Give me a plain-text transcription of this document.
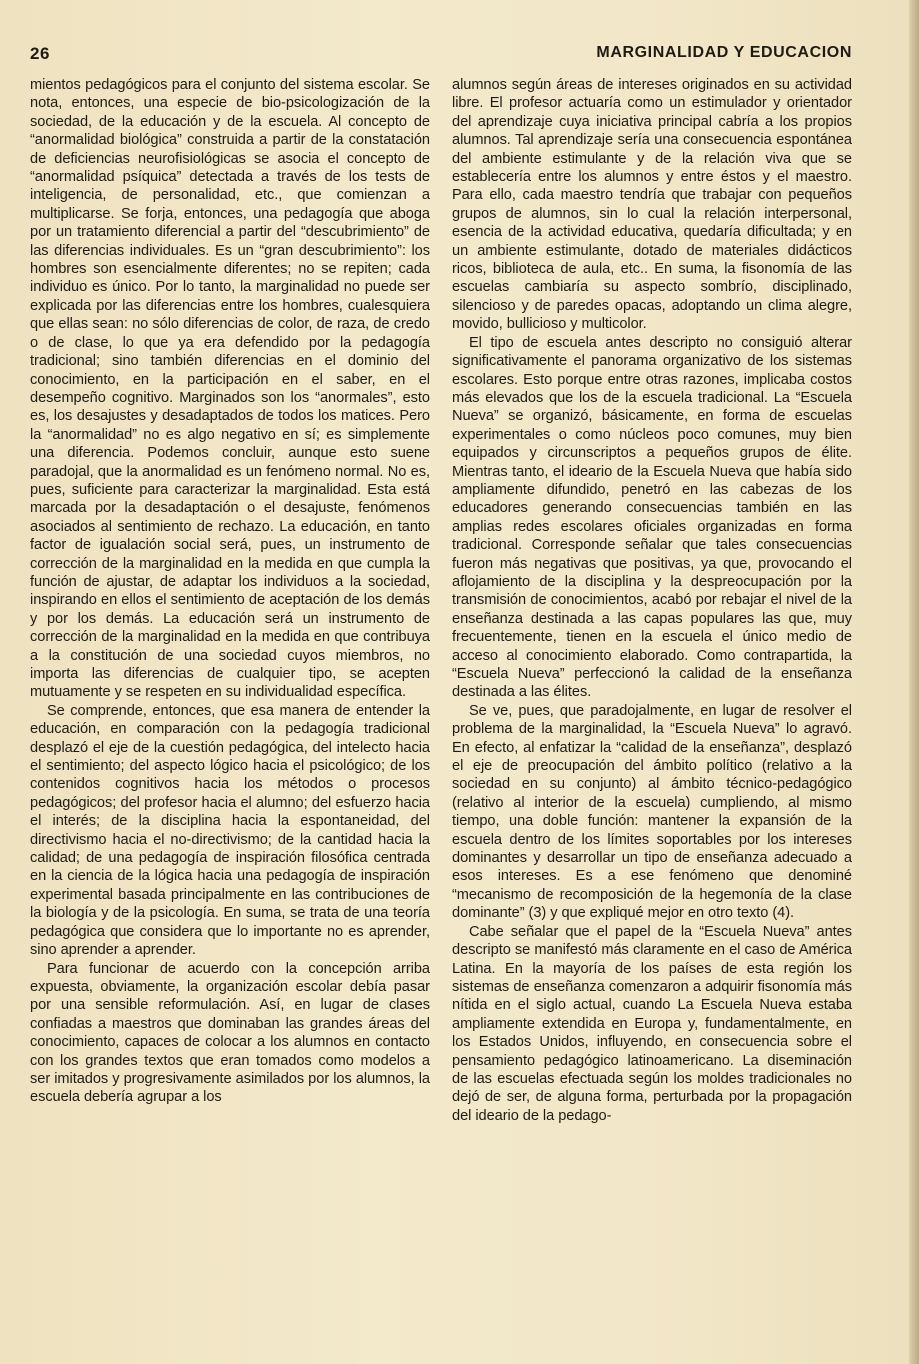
26	MARGINALIDAD Y EDUCACION

mientos pedagógicos para el conjunto del sistema escolar. Se nota, entonces, una especie de bio-psicologización de la sociedad, de la educación y de la escuela. Al concepto de “anormalidad biológica” construida a partir de la constatación de deficiencias neurofisiológicas se asocia el concepto de “anormalidad psíquica” detectada a través de los tests de inteligencia, de personalidad, etc., que comienzan a multiplicarse. Se forja, entonces, una pedagogía que aboga por un tratamiento diferencial a partir del “descubrimiento” de las diferencias individuales. Es un “gran descubrimiento”: los hombres son esencialmente diferentes; no se repiten; cada individuo es único. Por lo tanto, la marginalidad no puede ser explicada por las diferencias entre los hombres, cualesquiera que ellas sean: no sólo diferencias de color, de raza, de credo o de clase, lo que ya era defendido por la pedagogía tradicional; sino también diferencias en el dominio del conocimiento, en la participación en el saber, en el desempeño cognitivo. Marginados son los “anormales”, esto es, los desajustes y desadaptados de todos los matices. Pero la “anormalidad” no es algo negativo en sí; es simplemente una diferencia. Podemos concluir, aunque esto suene paradojal, que la anormalidad es un fenómeno normal. No es, pues, suficiente para caracterizar la marginalidad. Esta está marcada por la desadaptación o el desajuste, fenómenos asociados al sentimiento de rechazo. La educación, en tanto factor de igualación social será, pues, un instrumento de corrección de la marginalidad en la medida en que cumpla la función de ajustar, de adaptar los individuos a la sociedad, inspirando en ellos el sentimiento de aceptación de los demás y por los demás. La educación será un instrumento de corrección de la marginalidad en la medida en que contribuya a la constitución de una sociedad cuyos miembros, no importa las diferencias de cualquier tipo, se acepten mutuamente y se respeten en su individualidad específica.

Se comprende, entonces, que esa manera de entender la educación, en comparación con la pedagogía tradicional desplazó el eje de la cuestión pedagógica, del intelecto hacia el sentimiento; del aspecto lógico hacia el psicológico; de los contenidos cognitivos hacia los métodos o procesos pedagógicos; del profesor hacia el alumno; del esfuerzo hacia el interés; de la disciplina hacia la espontaneidad, del directivismo hacia el no-directivismo; de la cantidad hacia la calidad; de una pedagogía de inspiración filosófica centrada en la ciencia de la lógica hacia una pedagogía de inspiración experimental basada principalmente en las contribuciones de la biología y de la psicología. En suma, se trata de una teoría pedagógica que considera que lo importante no es aprender, sino aprender a aprender.

Para funcionar de acuerdo con la concepción arriba expuesta, obviamente, la organización escolar debía pasar por una sensible reformulación. Así, en lugar de clases confiadas a maestros que dominaban las grandes áreas del conocimiento, capaces de colocar a los alumnos en contacto con los grandes textos que eran tomados como modelos a ser imitados y progresivamente asimilados por los alumnos, la escuela debería agrupar a los

alumnos según áreas de intereses originados en su actividad libre. El profesor actuaría como un estimulador y orientador del aprendizaje cuya iniciativa principal cabría a los propios alumnos. Tal aprendizaje sería una consecuencia espontánea del ambiente estimulante y de la relación viva que se establecería entre los alumnos y entre éstos y el maestro. Para ello, cada maestro tendría que trabajar con pequeños grupos de alumnos, sin lo cual la relación interpersonal, esencia de la actividad educativa, quedaría dificultada; y en un ambiente estimulante, dotado de materiales didácticos ricos, biblioteca de aula, etc.. En suma, la fisonomía de las escuelas cambiaría su aspecto sombrío, disciplinado, silencioso y de paredes opacas, adoptando un clima alegre, movido, bullicioso y multicolor.

El tipo de escuela antes descripto no consiguió alterar significativamente el panorama organizativo de los sistemas escolares. Esto porque entre otras razones, implicaba costos más elevados que los de la escuela tradicional. La “Escuela Nueva” se organizó, básicamente, en forma de escuelas experimentales o como núcleos poco comunes, muy bien equipados y circunscriptos a pequeños grupos de élite. Mientras tanto, el ideario de la Escuela Nueva que había sido ampliamente difundido, penetró en las cabezas de los educadores generando consecuencias también en las amplias redes escolares oficiales organizadas en forma tradicional. Corresponde señalar que tales consecuencias fueron más negativas que positivas, ya que, provocando el aflojamiento de la disciplina y la despreocupación por la transmisión de conocimientos, acabó por rebajar el nivel de la enseñanza destinada a las capas populares las que, muy frecuentemente, tienen en la escuela el único medio de acceso al conocimiento elaborado. Como contrapartida, la “Escuela Nueva” perfeccionó la calidad de la enseñanza destinada a las élites.

Se ve, pues, que paradojalmente, en lugar de resolver el problema de la marginalidad, la “Escuela Nueva” lo agravó. En efecto, al enfatizar la “calidad de la enseñanza”, desplazó el eje de preocupación del ámbito político (relativo a la sociedad en su conjunto) al ámbito técnico-pedagógico (relativo al interior de la escuela) cumpliendo, al mismo tiempo, una doble función: mantener la expansión de la escuela dentro de los límites soportables por los intereses dominantes y desarrollar un tipo de enseñanza adecuado a esos intereses. Es a ese fenómeno que denominé “mecanismo de recomposición de la hegemonía de la clase dominante” (3) y que expliqué mejor en otro texto (4).

Cabe señalar que el papel de la “Escuela Nueva” antes descripto se manifestó más claramente en el caso de América Latina. En la mayoría de los países de esta región los sistemas de enseñanza comenzaron a adquirir fisonomía más nítida en el siglo actual, cuando La Escuela Nueva estaba ampliamente extendida en Europa y, fundamentalmente, en los Estados Unidos, influyendo, en consecuencia sobre el pensamiento pedagógico latinoamericano. La diseminación de las escuelas efectuada según los moldes tradicionales no dejó de ser, de alguna forma, perturbada por la propagación del ideario de la pedago-
